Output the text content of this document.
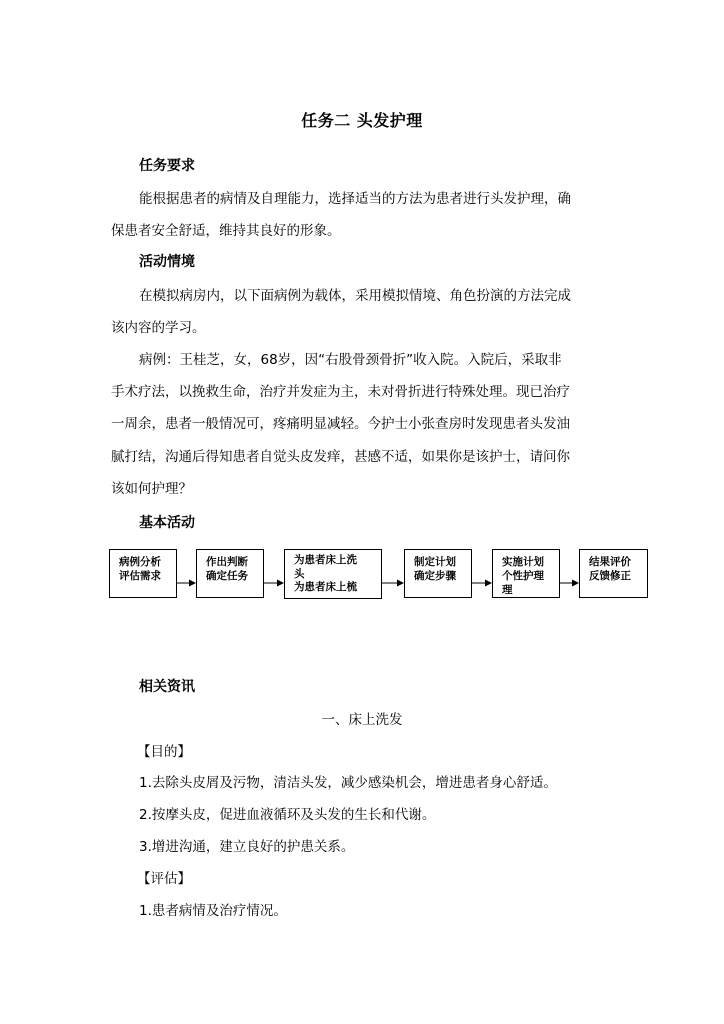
任务二 头发护理
任务要求
能根据患者的病情及自理能力，选择适当的方法为患者进行头发护理，确
保患者安全舒适，维持其良好的形象。
活动情境
在模拟病房内，以下面病例为载体，采用模拟情境、角色扮演的方法完成
该内容的学习。
病例：王桂芝，女，68岁，因“右股骨颈骨折”收入院。入院后，采取非
手术疗法，以挽救生命，治疗并发症为主，未对骨折进行特殊处理。现已治疗
一周余，患者一般情况可，疼痛明显减轻。今护士小张查房时发现患者头发油
腻打结，沟通后得知患者自觉头皮发痒，甚感不适，如果你是该护士，请问你
该如何护理？
基本活动
病例分析
评估需求
作出判断
确定任务
为患者床上洗
头
为患者床上梳
制定计划
确定步骤
实施计划
个性护理
理
结果评价
反馈修正
相关资讯
一、床上洗发
【目的】
1.去除头皮屑及污物，清洁头发，减少感染机会，增进患者身心舒适。
2.按摩头皮，促进血液循环及头发的生长和代谢。
3.增进沟通，建立良好的护患关系。
【评估】
1.患者病情及治疗情况。
